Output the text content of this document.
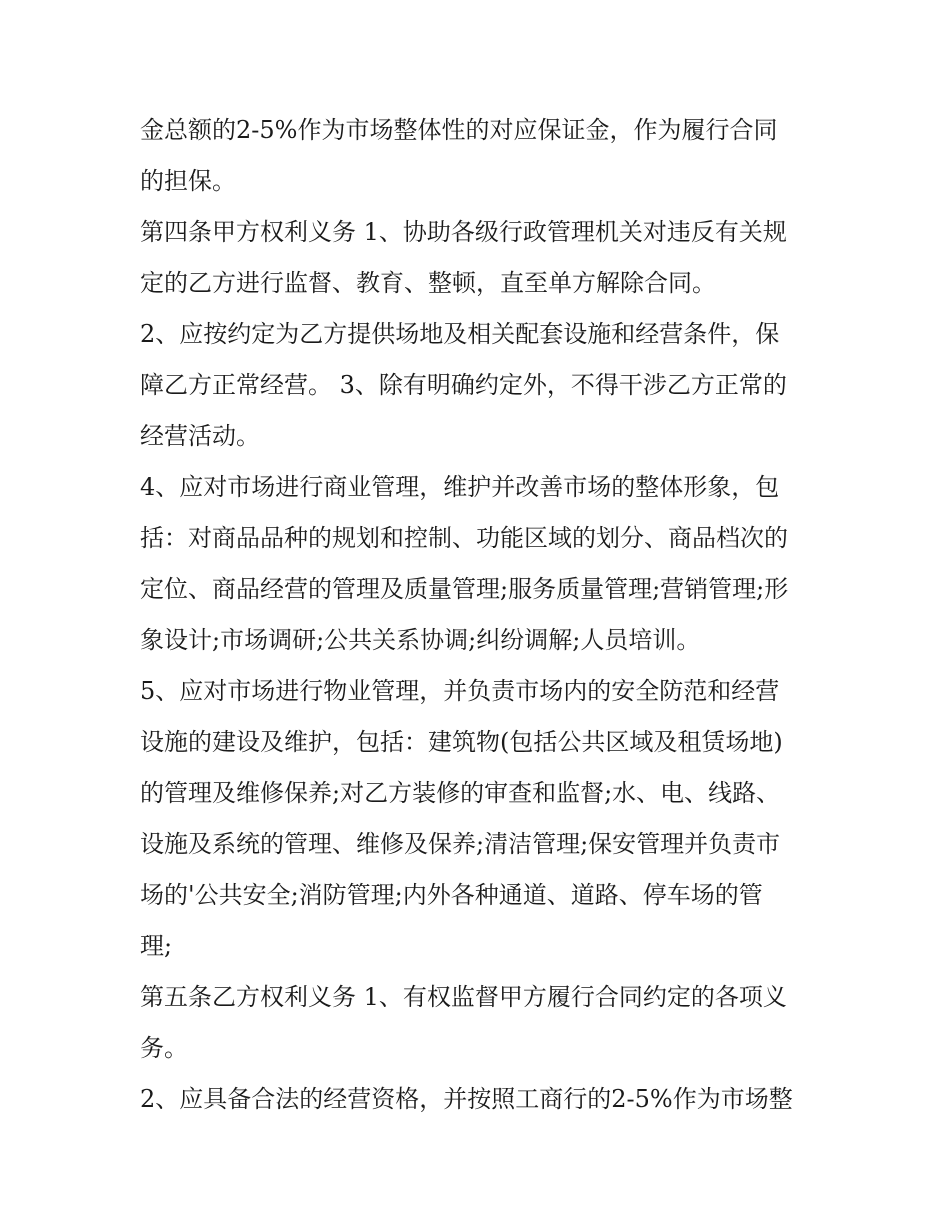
金总额的2-5%作为市场整体性的对应保证金，作为履行合同
的担保。

第四条甲方权利义务 1、协助各级行政管理机关对违反有关规
定的乙方进行监督、教育、整顿，直至单方解除合同。

2、应按约定为乙方提供场地及相关配套设施和经营条件，保
障乙方正常经营。 3、除有明确约定外，不得干涉乙方正常的
经营活动。

4、应对市场进行商业管理，维护并改善市场的整体形象，包
括：对商品品种的规划和控制、功能区域的划分、商品档次的
定位、商品经营的管理及质量管理;服务质量管理;营销管理;形
象设计;市场调研;公共关系协调;纠纷调解;人员培训。

5、应对市场进行物业管理，并负责市场内的安全防范和经营
设施的建设及维护，包括：建筑物(包括公共区域及租赁场地)
的管理及维修保养;对乙方装修的审查和监督;水、电、线路、
设施及系统的管理、维修及保养;清洁管理;保安管理并负责市
场的'公共安全;消防管理;内外各种通道、道路、停车场的管
理;

第五条乙方权利义务 1、有权监督甲方履行合同约定的各项义
务。

2、应具备合法的经营资格，并按照工商行的2-5%作为市场整
